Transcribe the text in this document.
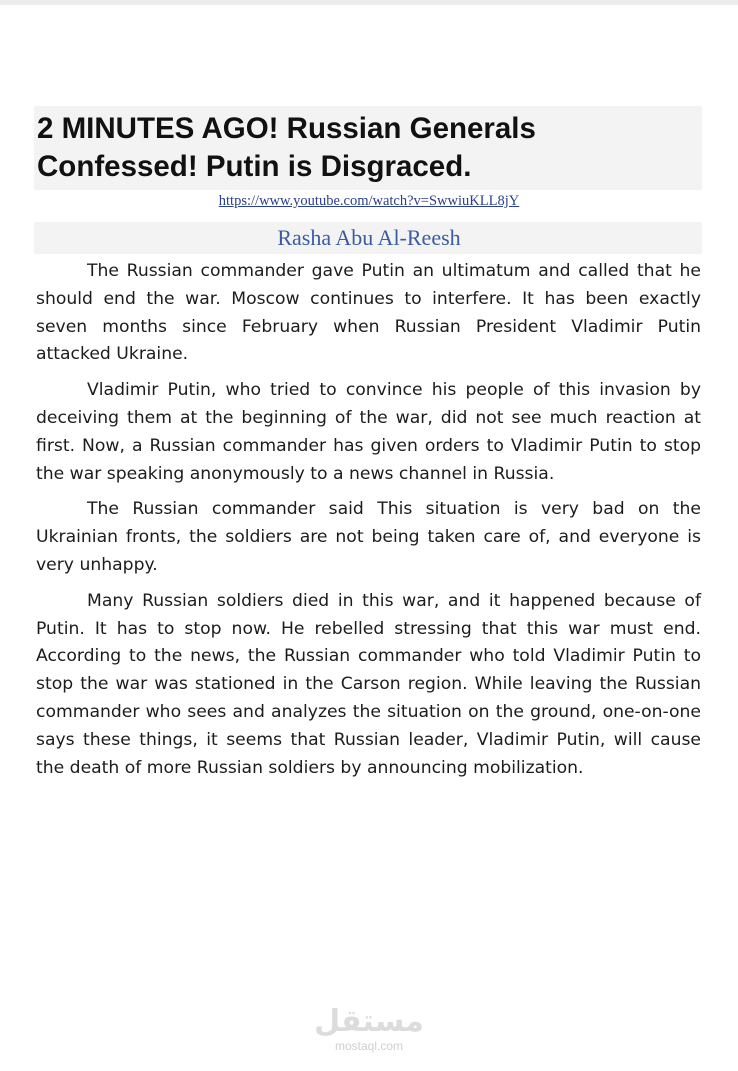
2 MINUTES AGO! Russian Generals Confessed! Putin is Disgraced.
https://www.youtube.com/watch?v=SwwiuKLL8jY
Rasha Abu Al-Reesh

The Russian commander gave Putin an ultimatum and called that he should end the war. Moscow continues to interfere. It has been exactly seven months since February when Russian President Vladimir Putin attacked Ukraine.

Vladimir Putin, who tried to convince his people of this invasion by deceiving them at the beginning of the war, did not see much reaction at first. Now, a Russian commander has given orders to Vladimir Putin to stop the war speaking anonymously to a news channel in Russia.

The Russian commander said This situation is very bad on the Ukrainian fronts, the soldiers are not being taken care of, and everyone is very unhappy.

Many Russian soldiers died in this war, and it happened because of Putin. It has to stop now. He rebelled stressing that this war must end. According to the news, the Russian commander who told Vladimir Putin to stop the war was stationed in the Carson region. While leaving the Russian commander who sees and analyzes the situation on the ground, one-on-one says these things, it seems that Russian leader, Vladimir Putin, will cause the death of more Russian soldiers by announcing mobilization.

مستقل
mostaql.com
